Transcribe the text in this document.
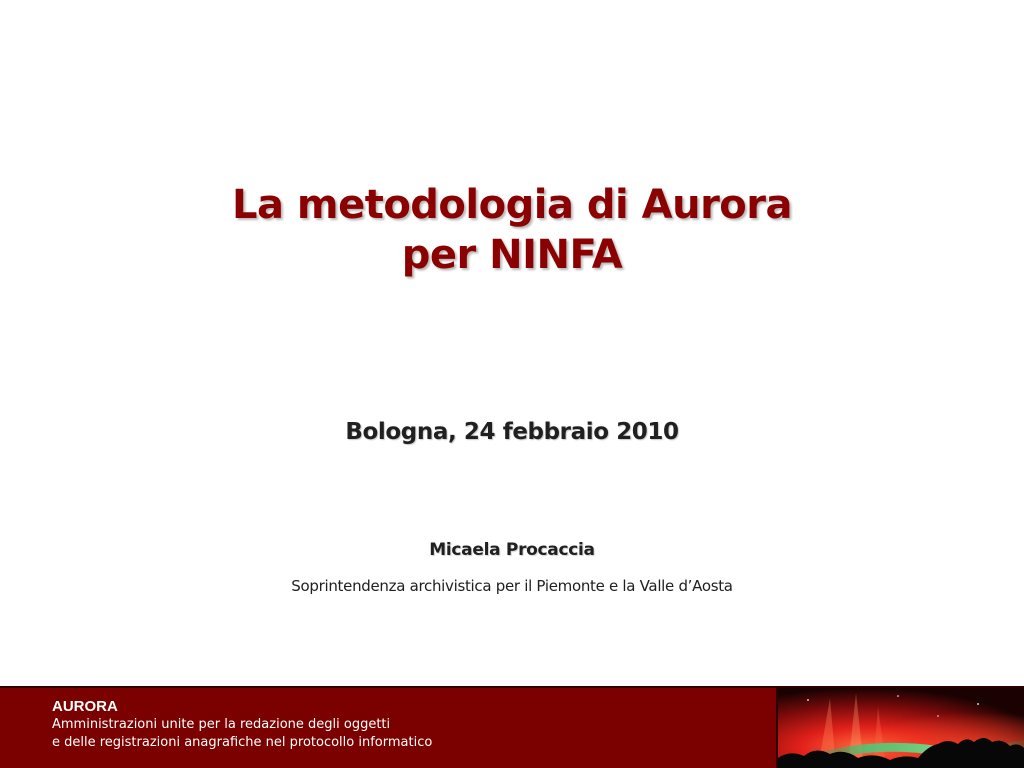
La metodologia di Aurora
per NINFA
Bologna, 24 febbraio 2010
Micaela Procaccia
Soprintendenza archivistica per il Piemonte e la Valle d’Aosta
AURORA
Amministrazioni unite per la redazione degli oggetti
e delle registrazioni anagrafiche nel protocollo informatico
